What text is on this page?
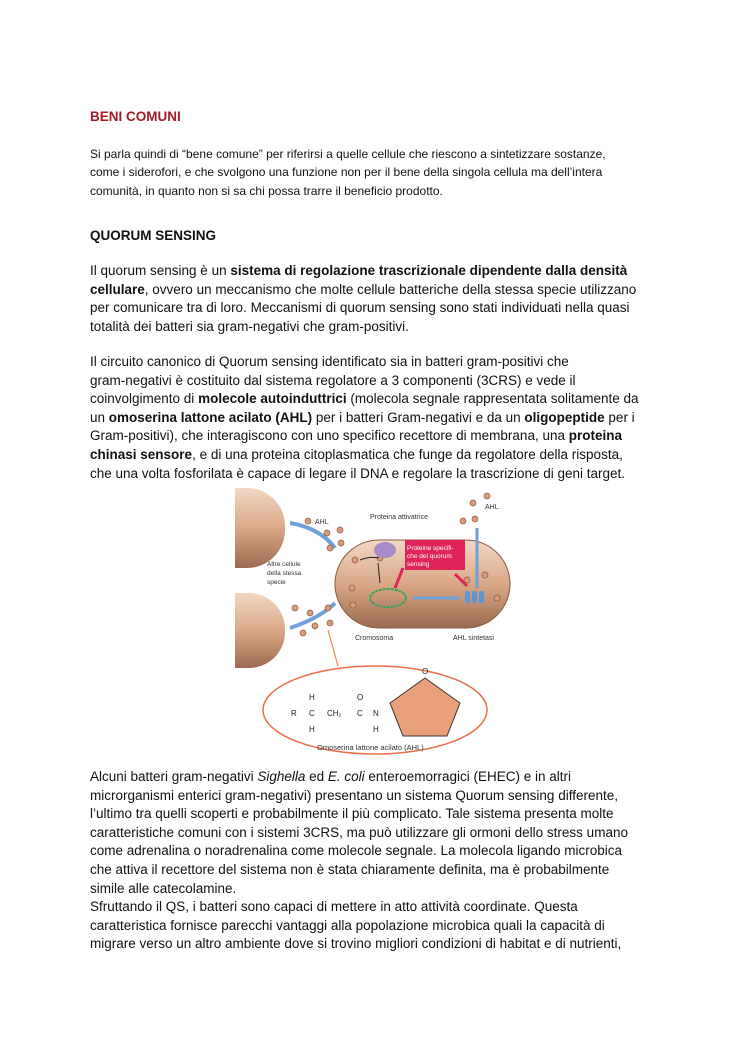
BENI COMUNI
Si parla quindi di “bene comune” per riferirsi a quelle cellule che riescono a sintetizzare sostanze,
come i siderofori, e che svolgono una funzione non per il bene della singola cellula ma dell’intera
comunità, in quanto non si sa chi possa trarre il beneficio prodotto.
QUORUM SENSING
Il quorum sensing è un sistema di regolazione trascrizionale dipendente dalla densità
cellulare, ovvero un meccanismo che molte cellule batteriche della stessa specie utilizzano
per comunicare tra di loro. Meccanismi di quorum sensing sono stati individuati nella quasi
totalità dei batteri sia gram-negativi che gram-positivi.
Il circuito canonico di Quorum sensing identificato sia in batteri gram-positivi che
gram-negativi è costituito dal sistema regolatore a 3 componenti (3CRS) e vede il
coinvolgimento di molecole autoinduttrici (molecola segnale rappresentata solitamente da
un omoserina lattone acilato (AHL) per i batteri Gram-negativi e da un oligopeptide per i
Gram-positivi), che interagiscono con uno specifico recettore di membrana, una proteina
chinasi sensore, e di una proteina citoplasmatica che funge da regolatore della risposta,
che una volta fosforilata è capace di legare il DNA e regolare la trascrizione di geni target.
Proteine specifi-
che del quorum
sensing
AHL
AHL
Altre cellule
della stessa
specie
Proteina attivatrice
Cromosoma	AHL sintetasi
R C
H
H
CH₂ C
O
N
H
O
Omoserina lattone acilato (AHL)
Alcuni batteri gram-negativi Sighella ed E. coli enteroemorragici (EHEC) e in altri
microrganismi enterici gram-negativi) presentano un sistema Quorum sensing differente,
l’ultimo tra quelli scoperti e probabilmente il più complicato. Tale sistema presenta molte
caratteristiche comuni con i sistemi 3CRS, ma può utilizzare gli ormoni dello stress umano
come adrenalina o noradrenalina come molecole segnale. La molecola ligando microbica
che attiva il recettore del sistema non è stata chiaramente definita, ma è probabilmente
simile alle catecolamine.
Sfruttando il QS, i batteri sono capaci di mettere in atto attività coordinate. Questa
caratteristica fornisce parecchi vantaggi alla popolazione microbica quali la capacità di
migrare verso un altro ambiente dove si trovino migliori condizioni di habitat e di nutrienti,
